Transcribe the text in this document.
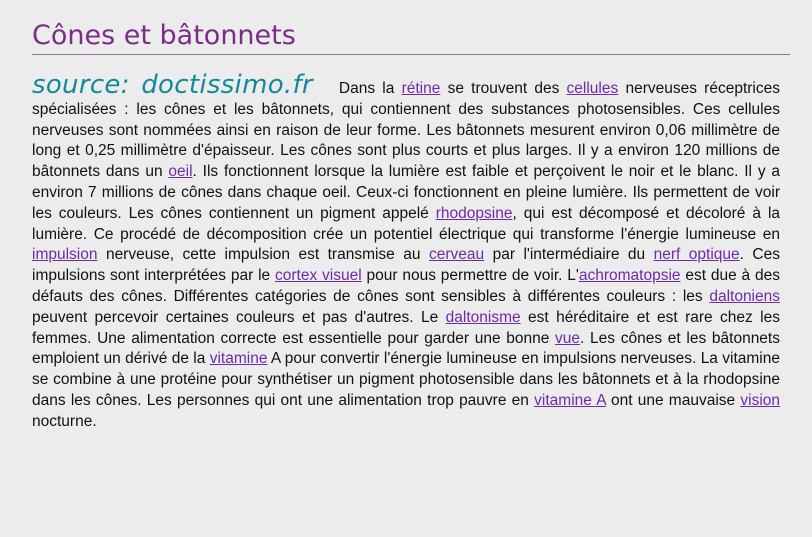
Cônes et bâtonnets

source: doctissimo.fr Dans la rétine se trouvent des cellules nerveuses réceptrices spécialisées : les cônes et les bâtonnets, qui contiennent des substances photosensibles. Ces cellules nerveuses sont nommées ainsi en raison de leur forme. Les bâtonnets mesurent environ 0,06 millimètre de long et 0,25 millimètre d'épaisseur. Les cônes sont plus courts et plus larges. Il y a environ 120 millions de bâtonnets dans un oeil. Ils fonctionnent lorsque la lumière est faible et perçoivent le noir et le blanc. Il y a environ 7 millions de cônes dans chaque oeil. Ceux-ci fonctionnent en pleine lumière. Ils permettent de voir les couleurs. Les cônes contiennent un pigment appelé rhodopsine, qui est décomposé et décoloré à la lumière. Ce procédé de décomposition crée un potentiel électrique qui transforme l'énergie lumineuse en impulsion nerveuse, cette impulsion est transmise au cerveau par l'intermédiaire du nerf optique. Ces impulsions sont interprétées par le cortex visuel pour nous permettre de voir. L'achromatopsie est due à des défauts des cônes. Différentes catégories de cônes sont sensibles à différentes couleurs : les daltoniens peuvent percevoir certaines couleurs et pas d'autres. Le daltonisme est héréditaire et est rare chez les femmes. Une alimentation correcte est essentielle pour garder une bonne vue. Les cônes et les bâtonnets emploient un dérivé de la vitamine A pour convertir l'énergie lumineuse en impulsions nerveuses. La vitamine se combine à une protéine pour synthétiser un pigment photosensible dans les bâtonnets et à la rhodopsine dans les cônes. Les personnes qui ont une alimentation trop pauvre en vitamine A ont une mauvaise vision nocturne.
